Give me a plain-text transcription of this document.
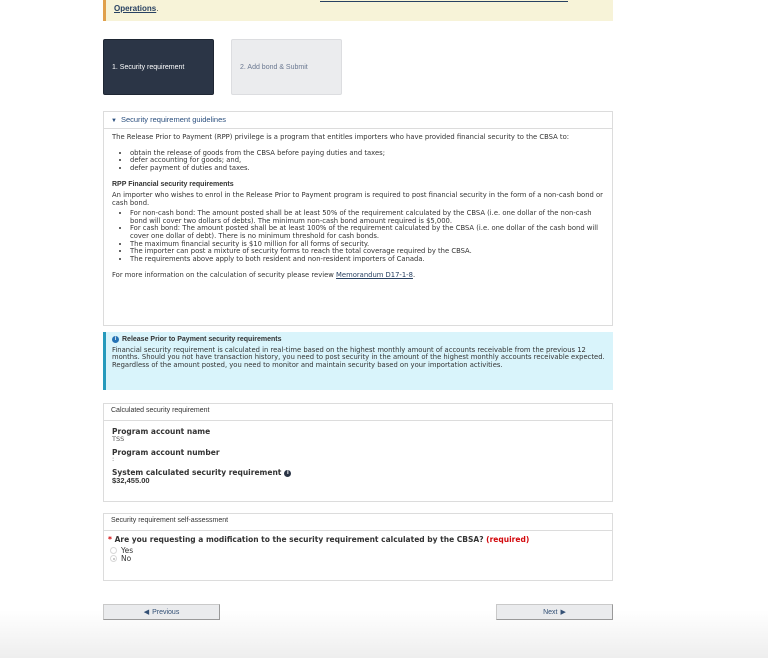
Operations.
1. Security requirement	2. Add bond & Submit
▼ Security requirement guidelines

The Release Prior to Payment (RPP) privilege is a program that entitles importers who have provided financial security to the CBSA to:

• obtain the release of goods from the CBSA before paying duties and taxes;
• defer accounting for goods; and,
• defer payment of duties and taxes.
RPP Financial security requirements

An importer who wishes to enrol in the Release Prior to Payment program is required to post financial security in the form of a non-cash bond or cash bond.

• For non-cash bond: The amount posted shall be at least 50% of the requirement calculated by the CBSA (i.e. one dollar of the non-cash bond will cover two dollars of debts). The minimum non-cash bond amount required is $5,000.
• For cash bond: The amount posted shall be at least 100% of the requirement calculated by the CBSA (i.e. one dollar of the cash bond will cover one dollar of debt). There is no minimum threshold for cash bonds.
• The maximum financial security is $10 million for all forms of security.
• The importer can post a mixture of security forms to reach the total coverage required by the CBSA.
• The requirements above apply to both resident and non-resident importers of Canada.

For more information on the calculation of security please review Memorandum D17-1-8.

i Release Prior to Payment security requirements
Financial security requirement is calculated in real-time based on the highest monthly amount of accounts receivable from the previous 12 months. Should you not have transaction history, you need to post security in the amount of the highest monthly accounts receivable expected. Regardless of the amount posted, you need to monitor and maintain security based on your importation activities.
Calculated security requirement
Program account name
TSS
Program account number
:
System calculated security requirement i
$32,455.00
Security requirement self-assessment
* Are you requesting a modification to the security requirement calculated by the CBSA? (required)
Yes
No
◀ Previous	Next ▶
